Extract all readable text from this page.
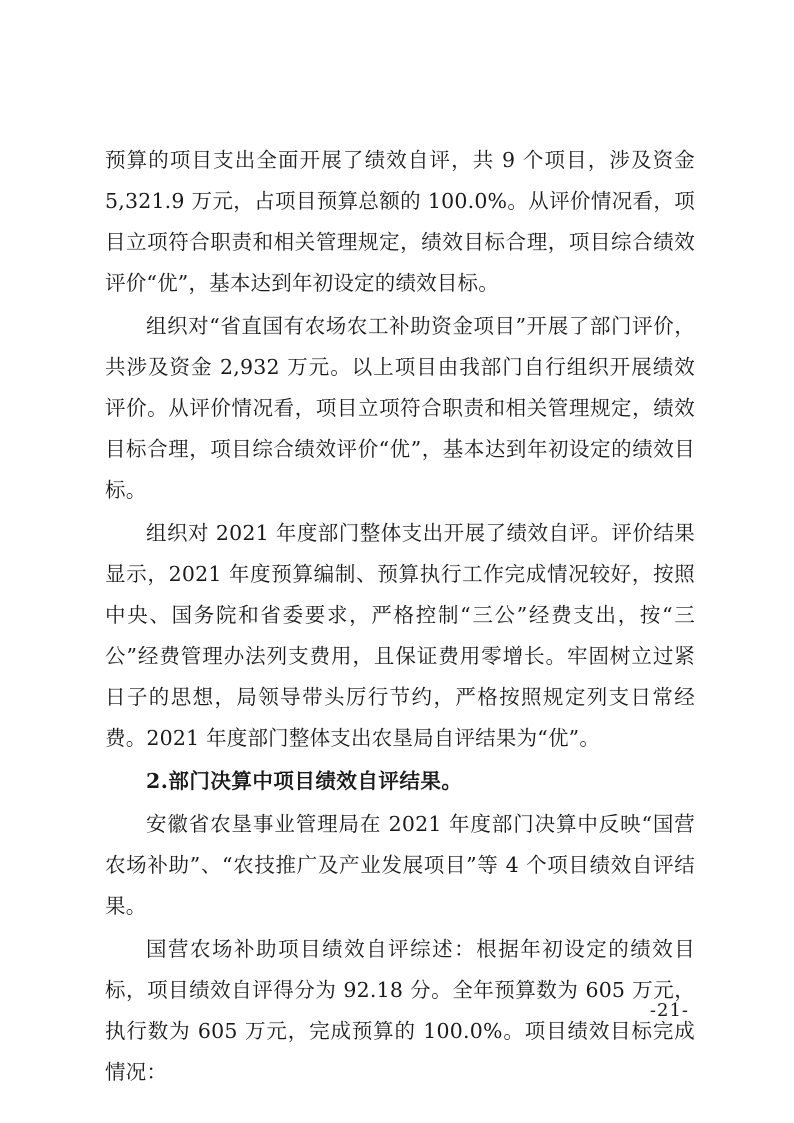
预算的项目支出全面开展了绩效自评，共 9 个项目，涉及资金 5,321.9 万元，占项目预算总额的 100.0%。从评价情况看，项目立项符合职责和相关管理规定，绩效目标合理，项目综合绩效评价“优”，基本达到年初设定的绩效目标。

组织对“省直国有农场农工补助资金项目”开展了部门评价，共涉及资金 2,932 万元。以上项目由我部门自行组织开展绩效评价。从评价情况看，项目立项符合职责和相关管理规定，绩效目标合理，项目综合绩效评价“优”，基本达到年初设定的绩效目标。

组织对 2021 年度部门整体支出开展了绩效自评。评价结果显示，2021 年度预算编制、预算执行工作完成情况较好，按照中央、国务院和省委要求，严格控制“三公”经费支出，按“三公”经费管理办法列支费用，且保证费用零增长。牢固树立过紧日子的思想，局领导带头厉行节约，严格按照规定列支日常经费。2021 年度部门整体支出农垦局自评结果为“优”。

2.部门决算中项目绩效自评结果。

安徽省农垦事业管理局在 2021 年度部门决算中反映“国营农场补助”、“农技推广及产业发展项目”等 4 个项目绩效自评结果。

国营农场补助项目绩效自评综述：根据年初设定的绩效目标，项目绩效自评得分为 92.18 分。全年预算数为 605 万元，执行数为 605 万元，完成预算的 100.0%。项目绩效目标完成情况：

-21-
